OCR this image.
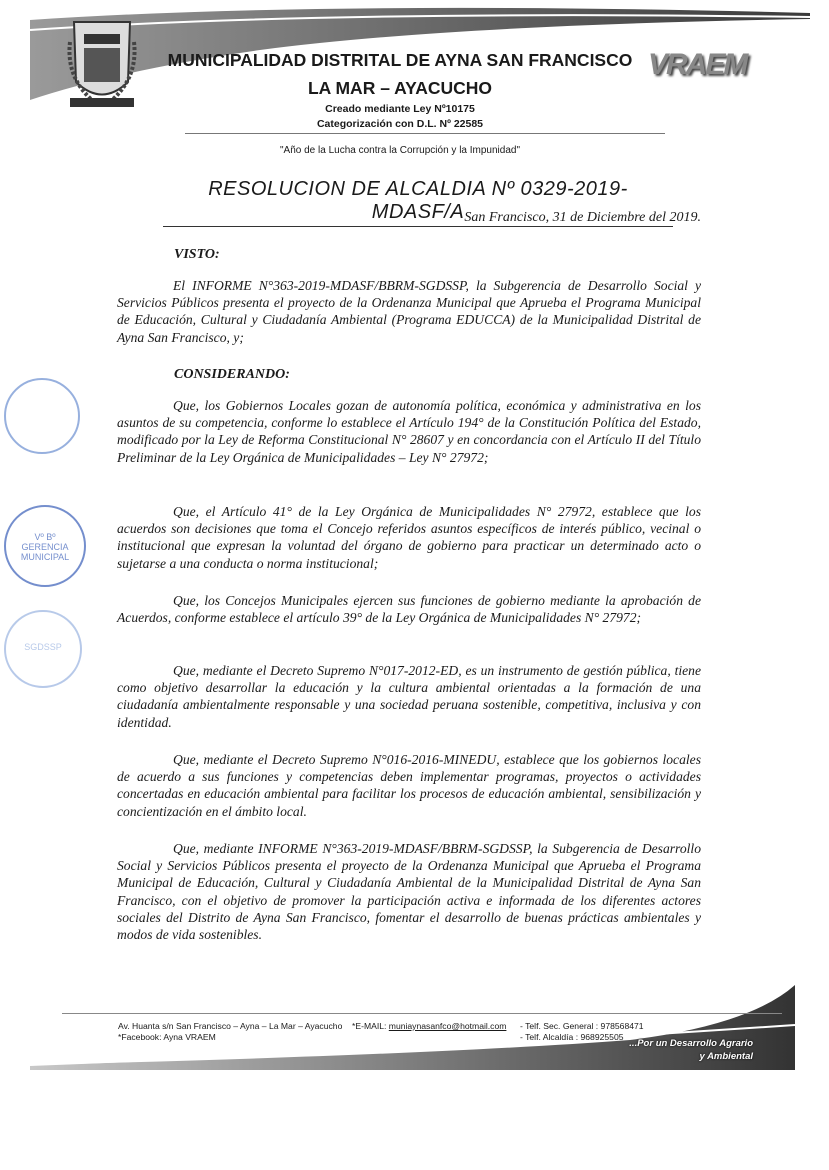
VRAEM
MUNICIPALIDAD DISTRITAL DE AYNA SAN FRANCISCO
LA MAR – AYACUCHO
Creado mediante Ley Nº10175
Categorización con D.L. Nº 22585
"Año de la Lucha contra la Corrupción y la Impunidad"
RESOLUCION DE ALCALDIA Nº 0329-2019-MDASF/A San Francisco, 31 de Diciembre del 2019.
VISTO:

El INFORME N°363-2019-MDASF/BBRM-SGDSSP, la Subgerencia de Desarrollo Social y Servicios Públicos presenta el proyecto de la Ordenanza Municipal que Aprueba el Programa Municipal de Educación, Cultural y Ciudadanía Ambiental (Programa EDUCCA) de la Municipalidad Distrital de Ayna San Francisco, y;

CONSIDERANDO:

Que, los Gobiernos Locales gozan de autonomía política, económica y administrativa en los asuntos de su competencia, conforme lo establece el Artículo 194° de la Constitución Política del Estado, modificado por la Ley de Reforma Constitucional N° 28607 y en concordancia con el Artículo II del Título Preliminar de la Ley Orgánica de Municipalidades – Ley N° 27972;

Que, el Artículo 41° de la Ley Orgánica de Municipalidades N° 27972, establece que los acuerdos son decisiones que toma el Concejo referidos asuntos específicos de interés público, vecinal o institucional que expresan la voluntad del órgano de gobierno para practicar un determinado acto o sujetarse a una conducta o norma institucional;

Que, los Concejos Municipales ejercen sus funciones de gobierno mediante la aprobación de Acuerdos, conforme establece el artículo 39° de la Ley Orgánica de Municipalidades N° 27972;

Que, mediante el Decreto Supremo N°017-2012-ED, es un instrumento de gestión pública, tiene como objetivo desarrollar la educación y la cultura ambiental orientadas a la formación de una ciudadanía ambientalmente responsable y una sociedad peruana sostenible, competitiva, inclusiva y con identidad.

Que, mediante el Decreto Supremo N°016-2016-MINEDU, establece que los gobiernos locales de acuerdo a sus funciones y competencias deben implementar programas, proyectos o actividades concertadas en educación ambiental para facilitar los procesos de educación ambiental, sensibilización y concientización en el ámbito local.

Que, mediante INFORME N°363-2019-MDASF/BBRM-SGDSSP, la Subgerencia de Desarrollo Social y Servicios Públicos presenta el proyecto de la Ordenanza Municipal que Aprueba el Programa Municipal de Educación, Cultural y Ciudadanía Ambiental de la Municipalidad Distrital de Ayna San Francisco, con el objetivo de promover la participación activa e informada de los diferentes actores sociales del Distrito de Ayna San Francisco, fomentar el desarrollo de buenas prácticas ambientales y modos de vida sostenibles.

Vº Bº GERENCIA MUNICIPAL
SGDSSP
Av. Huanta s/n San Francisco – Ayna – La Mar – Ayacucho
*Facebook: Ayna VRAEM
*E-MAIL: muniaynasanfco@hotmail.com - Telf. Sec. General : 978568471
- Telf. Alcaldía : 968925505
...Por un Desarrollo Agrario
y Ambiental
